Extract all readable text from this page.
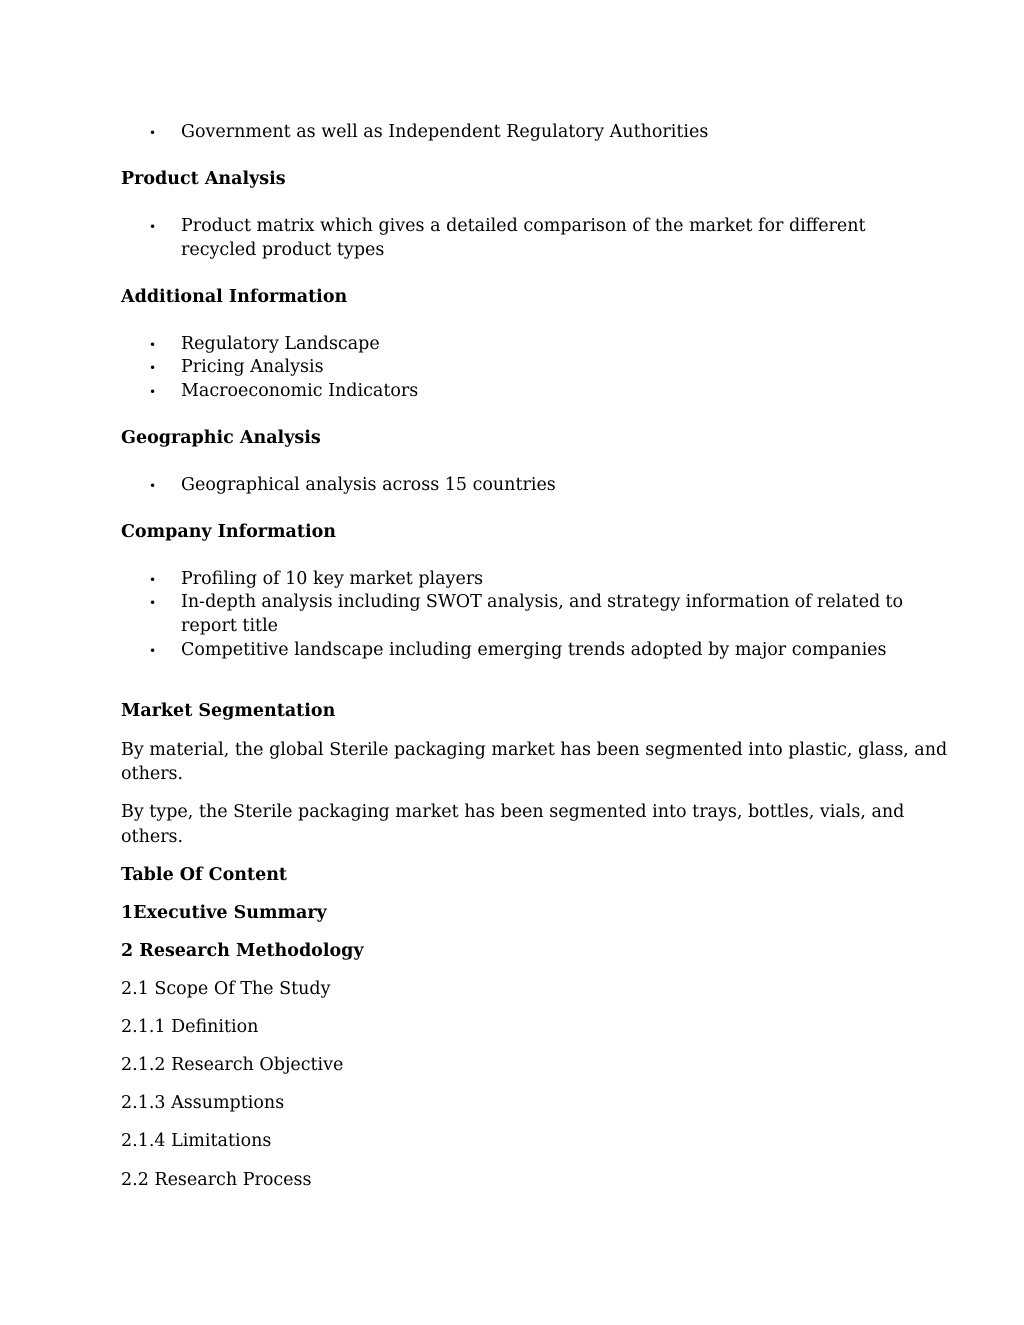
• Government as well as Independent Regulatory Authorities
Product Analysis
• Product matrix which gives a detailed comparison of the market for different
recycled product types
Additional Information
• Regulatory Landscape
• Pricing Analysis
• Macroeconomic Indicators
Geographic Analysis
• Geographical analysis across 15 countries
Company Information
• Profiling of 10 key market players
• In-depth analysis including SWOT analysis, and strategy information of related to
report title
• Competitive landscape including emerging trends adopted by major companies
Market Segmentation
By material, the global Sterile packaging market has been segmented into plastic, glass, and
others.
By type, the Sterile packaging market has been segmented into trays, bottles, vials, and
others.
Table Of Content
1Executive Summary
2 Research Methodology
2.1 Scope Of The Study
2.1.1 Definition
2.1.2 Research Objective
2.1.3 Assumptions
2.1.4 Limitations
2.2 Research Process
